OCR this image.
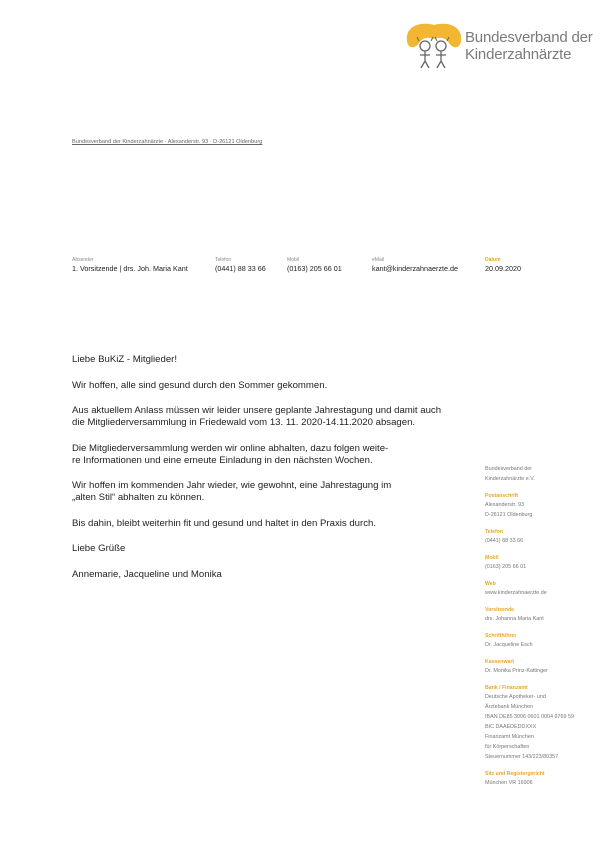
Bundesverband der
Kinderzahnärzte
Bundesverband der Kinderzahnärzte · Alexanderstr. 93 · D-26121 Oldenburg
Absender
1. Vorsitzende | drs. Joh. Maria Kant
Telefon
(0441) 88 33 66
Mobil
(0163) 205 66 01
eMail
kant@kinderzahnaerzte.de
Datum
20.09.2020

Liebe BuKiZ - Mitglieder!

Wir hoffen, alle sind gesund durch den Sommer gekommen.

Aus aktuellem Anlass müssen wir leider unsere geplante Jahrestagung und damit auch die Mitgliederversammlung in Friedewald vom 13. 11. 2020-14.11.2020 absagen.

Die Mitgliederversammlung werden wir online abhalten, dazu folgen weite-
re Informationen und eine erneute Einladung in den nächsten Wochen.

Wir hoffen im kommenden Jahr wieder, wie gewohnt, eine Jahrestagung im
„alten Stil“ abhalten zu können.

Bis dahin, bleibt weiterhin fit und gesund und haltet in den Praxis durch.

Liebe Grüße

Annemarie, Jacqueline und Monika

Bundesverband der
Kinderzahnärzte e.V.
Postanschrift
Alexanderstr. 93
D-26121 Oldenburg
Telefon
(0441) 88 33 66
Mobil
(0163) 205 66 01
Web
www.kinderzahnaerzte.de
Vorsitzende
drs. Johanna Maria Kant
Schriftführer
Dr. Jacqueline Esch
Kassenwart
Dr. Monika Prinz-Kattinger
Bank / Finanzamt
Deutsche Apotheker- und
Ärztebank München
IBAN DE85 3006 0601 0004 9769 59
BIC DAAEDEDDXXX
Finanzamt München
für Körperschaften
Steuernummer 143/223/80357
Sitz und Registergericht
München VR 16906
